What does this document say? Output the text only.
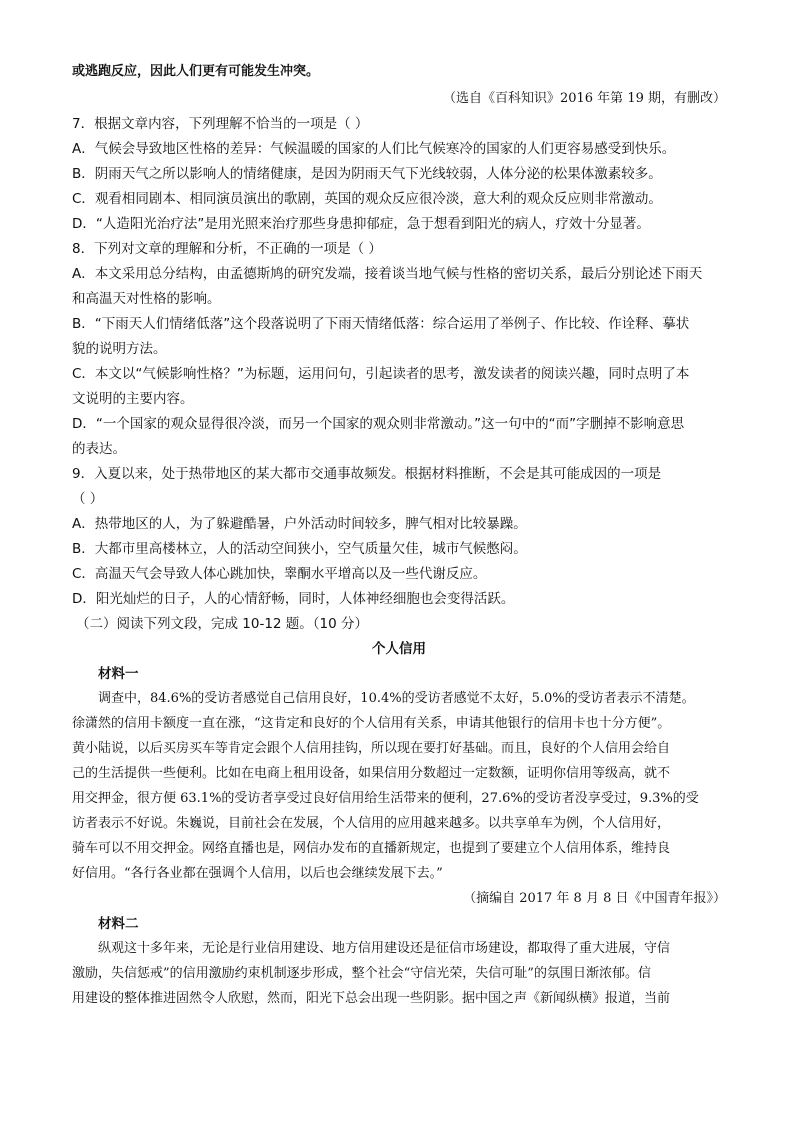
或逃跑反应，因此人们更有可能发生冲突。
（选自《百科知识》2016 年第 19 期，有删改）
7．根据文章内容，下列理解不恰当的一项是（ ）
A．气候会导致地区性格的差异：气候温暖的国家的人们比气候寒冷的国家的人们更容易感受到快乐。
B．阴雨天气之所以影响人的情绪健康，是因为阴雨天气下光线较弱，人体分泌的松果体激素较多。
C．观看相同剧本、相同演员演出的歌剧，英国的观众反应很冷淡，意大利的观众反应则非常激动。
D．“人造阳光治疗法”是用光照来治疗那些身患抑郁症，急于想看到阳光的病人，疗效十分显著。
8．下列对文章的理解和分析，不正确的一项是（ ）
A．本文采用总分结构，由孟德斯鸠的研究发端，接着谈当地气候与性格的密切关系，最后分别论述下雨天
和高温天对性格的影响。
B．“下雨天人们情绪低落”这个段落说明了下雨天情绪低落：综合运用了举例子、作比较、作诠释、摹状
貌的说明方法。
C．本文以“气候影响性格？”为标题，运用问句，引起读者的思考，激发读者的阅读兴趣，同时点明了本
文说明的主要内容。
D．“一个国家的观众显得很冷淡，而另一个国家的观众则非常激动。”这一句中的“而”字删掉不影响意思
的表达。
9．入夏以来，处于热带地区的某大都市交通事故频发。根据材料推断，不会是其可能成因的一项是
（ ）
A．热带地区的人，为了躲避酷暑，户外活动时间较多，脾气相对比较暴躁。
B．大都市里高楼林立，人的活动空间狭小，空气质量欠佳，城市气候憋闷。
C．高温天气会导致人体心跳加快，睾酮水平增高以及一些代谢反应。
D．阳光灿烂的日子，人的心情舒畅，同时，人体神经细胞也会变得活跃。
（二）阅读下列文段，完成 10-12 题。（10 分）
个人信用
材料一
调查中，84.6%的受访者感觉自己信用良好，10.4%的受访者感觉不太好，5.0%的受访者表示不清楚。
徐潇然的信用卡额度一直在涨，“这肯定和良好的个人信用有关系，申请其他银行的信用卡也十分方便”。
黄小陆说，以后买房买车等肯定会跟个人信用挂钩，所以现在要打好基础。而且，良好的个人信用会给自
己的生活提供一些便利。比如在电商上租用设备，如果信用分数超过一定数额，证明你信用等级高，就不
用交押金，很方便 63.1%的受访者享受过良好信用给生活带来的便利，27.6%的受访者没享受过，9.3%的受
访者表示不好说。朱巍说，目前社会在发展，个人信用的应用越来越多。以共享单车为例，个人信用好，
骑车可以不用交押金。网络直播也是，网信办发布的直播新规定，也提到了要建立个人信用体系，维持良
好信用。“各行各业都在强调个人信用，以后也会继续发展下去。”
（摘编自 2017 年 8 月 8 日《中国青年报》）
材料二
纵观这十多年来，无论是行业信用建设、地方信用建设还是征信市场建设，都取得了重大进展，守信
激励，失信惩戒”的信用激励约束机制逐步形成，整个社会“守信光荣，失信可耻”的氛围日渐浓郁。信
用建设的整体推进固然令人欣慰，然而，阳光下总会出现一些阴影。据中国之声《新闻纵横》报道，当前
